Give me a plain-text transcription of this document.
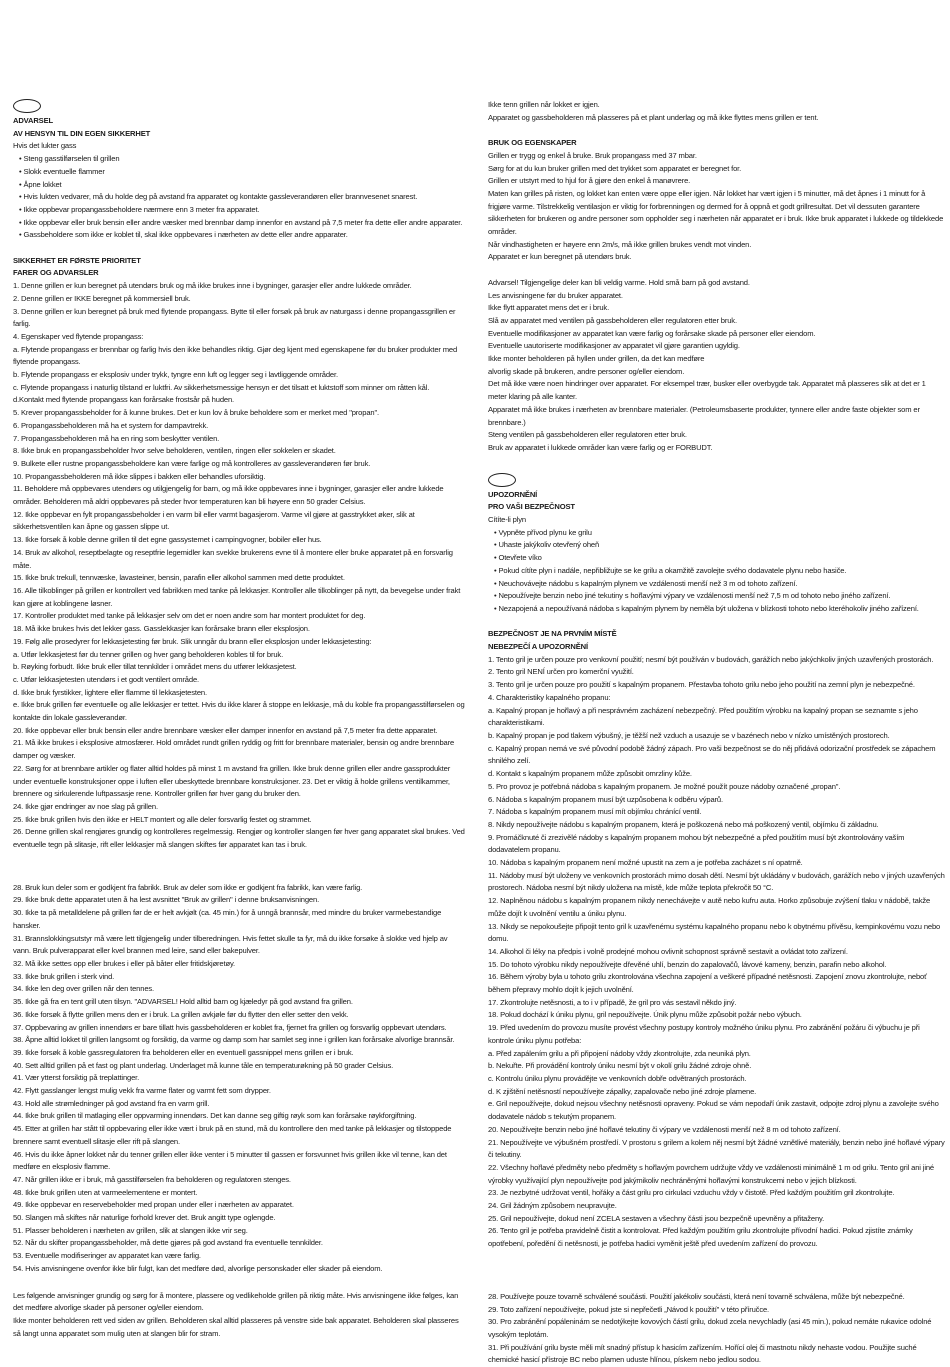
ADVARSEL

AV HENSYN TIL DIN EGEN SIKKERHET

Hvis det lukter gass

• Steng gasstilførselen til grillen

• Slokk eventuelle flammer

• Åpne lokket

• Hvis lukten vedvarer, må du holde deg på avstand fra apparatet og kontakte gassleverandøren eller brannvesenet snarest.

• Ikke oppbevar propangassbeholdere nærmere enn 3 meter fra apparatet.

• Ikke oppbevar eller bruk bensin eller andre væsker med brennbar damp innenfor en avstand på 7,5 meter fra dette eller andre apparater.

• Gassbeholdere som ikke er koblet til, skal ikke oppbevares i nærheten av dette eller andre apparater.

SIKKERHET ER FØRSTE PRIORITET

FARER OG ADVARSLER

1. Denne grillen er kun beregnet på utendørs bruk og må ikke brukes inne i bygninger, garasjer eller andre lukkede områder.

2. Denne grillen er IKKE beregnet på kommersiell bruk.

3. Denne grillen er kun beregnet på bruk med flytende propangass. Bytte til eller forsøk på bruk av naturgass i denne propangassgrillen er farlig.

4. Egenskaper ved flytende propangass:

a. Flytende propangass er brennbar og farlig hvis den ikke behandles riktig. Gjør deg kjent med egenskapene før du bruker produkter med flytende propangass.

b. Flytende propangass er eksplosiv under trykk, tyngre enn luft og legger seg i lavtliggende områder.

c. Flytende propangass i naturlig tilstand er luktfri. Av sikkerhetsmessige hensyn er det tilsatt et luktstoff som minner om råtten kål.

d.Kontakt med flytende propangass kan forårsake frostsår på huden.

5. Krever propangassbeholder for å kunne brukes. Det er kun lov å bruke beholdere som er merket med "propan".

6. Propangassbeholderen må ha et system for dampavtrekk.

7. Propangassbeholderen må ha en ring som beskytter ventilen.

8. Ikke bruk en propangassbeholder hvor selve beholderen, ventilen, ringen eller sokkelen er skadet.

9. Bulkete eller rustne propangassbeholdere kan være farlige og må kontrolleres av gassleverandøren før bruk.

10. Propangassbeholderen må ikke slippes i bakken eller behandles uforsiktig.

11. Beholdere må oppbevares utendørs og utilgjengelig for barn, og må ikke oppbevares inne i bygninger, garasjer eller andre lukkede områder. Beholderen må aldri oppbevares på steder hvor temperaturen kan bli høyere enn 50 grader Celsius.

12. Ikke oppbevar en fylt propangassbeholder i en varm bil eller varmt bagasjerom. Varme vil gjøre at gasstrykket øker, slik at sikkerhetsventilen kan åpne og gassen slippe ut.

13. Ikke forsøk å koble denne grillen til det egne gassystemet i campingvogner, bobiler eller hus.

14. Bruk av alkohol, reseptbelagte og reseptfrie legemidler kan svekke brukerens evne til å montere eller bruke apparatet på en forsvarlig måte.

15. Ikke bruk trekull, tennvæske, lavasteiner, bensin, parafin eller alkohol sammen med dette produktet.

16. Alle tilkoblinger på grillen er kontrollert ved fabrikken med tanke på lekkasjer. Kontroller alle tilkoblinger på nytt, da bevegelse under frakt kan gjøre at koblingene løsner.

17. Kontroller produktet med tanke på lekkasjer selv om det er noen andre som har montert produktet for deg.

18. Må ikke brukes hvis det lekker gass. Gasslekkasjer kan forårsake brann eller eksplosjon.

19. Følg alle prosedyrer for lekkasjetesting før bruk. Slik unngår du brann eller eksplosjon under lekkasjetesting:

a. Utfør lekkasjetest før du tenner grillen og hver gang beholderen kobles til for bruk.

b. Røyking forbudt. Ikke bruk eller tillat tennkilder i området mens du utfører lekkasjetest.

c. Utfør lekkasjetesten utendørs i et godt ventilert område.

d. Ikke bruk fyrstikker, lightere eller flamme til lekkasjetesten.

e. Ikke bruk grillen før eventuelle og alle lekkasjer er tettet. Hvis du ikke klarer å stoppe en lekkasje, må du koble fra propangasstilførselen og kontakte din lokale gassleverandør.

20. Ikke oppbevar eller bruk bensin eller andre brennbare væsker eller damper innenfor en avstand på 7,5 meter fra dette apparatet.

21. Må ikke brukes i eksplosive atmosfærer. Hold området rundt grillen ryddig og fritt for brennbare materialer, bensin og andre brennbare damper og væsker.

22. Sørg for at brennbare artikler og flater alltid holdes på minst 1 m avstand fra grillen. Ikke bruk denne grillen eller andre gassprodukter under eventuelle konstruksjoner oppe i luften eller ubeskyttede brennbare konstruksjoner. 23. Det er viktig å holde grillens ventilkammer, brennere og sirkulerende luftpassasje rene. Kontroller grillen før hver gang du bruker den.

24. Ikke gjør endringer av noe slag på grillen.

25. Ikke bruk grillen hvis den ikke er HELT montert og alle deler forsvarlig festet og strammet.

26. Denne grillen skal rengjøres grundig og kontrolleres regelmessig. Rengjør og kontroller slangen før hver gang apparatet skal brukes. Ved eventuelle tegn på slitasje, rift eller lekkasjer må slangen skiftes før apparatet kan tas i bruk.

28. Bruk kun deler som er godkjent fra fabrikk. Bruk av deler som ikke er godkjent fra fabrikk, kan være farlig.

29. Ikke bruk dette apparatet uten å ha lest avsnittet "Bruk av grillen" i denne bruksanvisningen.

30. Ikke ta på metalldelene på grillen før de er helt avkjølt (ca. 45 min.) for å unngå brannsår, med mindre du bruker varmebestandige hansker.

31. Brannslokkingsutstyr må være lett tilgjengelig under tilberedningen. Hvis fettet skulle ta fyr, må du ikke forsøke å slokke ved hjelp av vann. Bruk pulverapparat eller kvel brannen med leire, sand eller bakepulver.

32. Må ikke settes opp eller brukes i eller på båter eller fritidskjøretøy.

33. Ikke bruk grillen i sterk vind.

34. Ikke len deg over grillen når den tennes.

35. Ikke gå fra en tent grill uten tilsyn. "ADVARSEL! Hold alltid barn og kjæledyr på god avstand fra grillen.

36. Ikke forsøk å flytte grillen mens den er i bruk. La grillen avkjøle før du flytter den eller setter den vekk.

37. Oppbevaring av grillen innendørs er bare tillatt hvis gassbeholderen er koblet fra, fjernet fra grillen og forsvarlig oppbevart utendørs.

38. Åpne alltid lokket til grillen langsomt og forsiktig, da varme og damp som har samlet seg inne i grillen kan forårsake alvorlige brannsår.

39. Ikke forsøk å koble gassregulatoren fra beholderen eller en eventuell gassnippel mens grillen er i bruk.

40. Sett alltid grillen på et fast og plant underlag. Underlaget må kunne tåle en temperaturøkning på 50 grader Celsius.

41. Vær ytterst forsiktig på treplattinger.

42. Flytt gasslanger lengst mulig vekk fra varme flater og varmt fett som drypper.

43. Hold alle strømledninger på god avstand fra en varm grill.

44. Ikke bruk grillen til matlaging eller oppvarming innendørs. Det kan danne seg giftig røyk som kan forårsake røykforgiftning.

45. Etter at grillen har stått til oppbevaring eller ikke vært i bruk på en stund, må du kontrollere den med tanke på lekkasjer og tilstoppede brennere samt eventuell slitasje eller rift på slangen.

46. Hvis du ikke åpner lokket når du tenner grillen eller ikke venter i 5 minutter til gassen er forsvunnet hvis grillen ikke vil tenne, kan det medføre en eksplosiv flamme.

47. Når grillen ikke er i bruk, må gasstilførselen fra beholderen og regulatoren stenges.

48. Ikke bruk grillen uten at varmeelementene er montert.

49. Ikke oppbevar en reservebeholder med propan under eller i nærheten av apparatet.

50. Slangen må skiftes når naturlige forhold krever det. Bruk angitt type oglengde.

51. Plasser beholderen i nærheten av grillen, slik at slangen ikke vrir seg.

52. Når du skifter propangassbeholder, må dette gjøres på god avstand fra eventuelle tennkilder.

53. Eventuelle modifiseringer av apparatet kan være farlig.

54. Hvis anvisningene ovenfor ikke blir fulgt, kan det medføre død, alvorlige personskader eller skader på eiendom.

Les følgende anvisninger grundig og sørg for å montere, plassere og vedlikeholde grillen på riktig måte. Hvis anvisningene ikke følges, kan det medføre alvorlige skader på personer og/eller eiendom.

Ikke monter beholderen rett ved siden av grillen. Beholderen skal alltid plasseres på venstre side bak apparatet. Beholderen skal plasseres så langt unna apparatet som mulig uten at slangen blir for stram.

Ikke tenn grillen når lokket er igjen.

Apparatet og gassbeholderen må plasseres på et plant underlag og må ikke flyttes mens grillen er tent.

BRUK OG EGENSKAPER

Grillen er trygg og enkel å bruke. Bruk propangass med 37 mbar.

Sørg for at du kun bruker grillen med det trykket som apparatet er beregnet for.

Grillen er utstyrt med to hjul for å gjøre den enkel å manøvrere.

Maten kan grilles på risten, og lokket kan enten være oppe eller igjen. Når lokket har vært igjen i 5 minutter, må det åpnes i 1 minutt for å frigjøre varme. Tilstrekkelig ventilasjon er viktig for forbrenningen og dermed for å oppnå et godt grillresultat. Det vil dessuten garantere sikkerheten for brukeren og andre personer som oppholder seg i nærheten når apparatet er i bruk. Ikke bruk apparatet i lukkede og tildekkede områder.

Når vindhastigheten er høyere enn 2m/s, må ikke grillen brukes vendt mot vinden.

Apparatet er kun beregnet på utendørs bruk.

Advarsel! Tilgjengelige deler kan bli veldig varme. Hold små barn på god avstand.

Les anvisningene før du bruker apparatet.

Ikke flytt apparatet mens det er i bruk.

Slå av apparatet med ventilen på gassbeholderen eller regulatoren etter bruk.

Eventuelle modifikasjoner av apparatet kan være farlig og forårsake skade på personer eller eiendom.

Eventuelle uautoriserte modifikasjoner av apparatet vil gjøre garantien ugyldig.

Ikke monter beholderen på hyllen under grillen, da det kan medføre

alvorlig skade på brukeren, andre personer og/eller eiendom.

Det må ikke være noen hindringer over apparatet. For eksempel trær, busker eller overbygde tak. Apparatet må plasseres slik at det er 1 meter klaring på alle kanter.

Apparatet må ikke brukes i nærheten av brennbare materialer. (Petroleumsbaserte produkter, tynnere eller andre faste objekter som er brennbare.)

Steng ventilen på gassbeholderen eller regulatoren etter bruk.

Bruk av apparatet i lukkede områder kan være farlig og er FORBUDT.

UPOZORNĚNÍ

PRO VAŠI BEZPEČNOST

Cítíte-li plyn

• Vypněte přívod plynu ke grilu

• Uhaste jakýkoliv otevřený oheň

• Otevřete víko

• Pokud cítíte plyn i nadále, nepřibližujte se ke grilu a okamžitě zavolejte svého dodavatele plynu nebo hasiče.

• Neuchovávejte nádobu s kapalným plynem ve vzdálenosti menší než 3 m od tohoto zařízení.

• Nepoužívejte benzin nebo jiné tekutiny s hořlavými výpary ve vzdálenosti menší než 7,5 m od tohoto nebo jiného zařízení.

• Nezapojená a nepoužívaná nádoba s kapalným plynem by neměla být uložena v blízkosti tohoto nebo kteréhokoliv jiného zařízení.

BEZPEČNOST JE NA PRVNÍM MÍSTĚ

NEBEZPEČÍ A UPOZORNĚNÍ

1. Tento gril je určen pouze pro venkovní použití; nesmí být používán v budovách, garážích nebo jakýchkoliv jiných uzavřených prostorách.

2. Tento gril NENÍ určen pro komerční využití.

3. Tento gril je určen pouze pro použití s kapalným propanem. Přestavba tohoto grilu nebo jeho použití na zemní plyn je nebezpečné.

4. Charakteristiky kapalného propanu:

a. Kapalný propan je hořlavý a při nesprávném zacházení nebezpečný. Před použitím výrobku na kapalný propan se seznamte s jeho charakteristikami.

b. Kapalný propan je pod tlakem výbušný, je těžší než vzduch a usazuje se v bazénech nebo v nízko umístěných prostorech.

c. Kapalný propan nemá ve své původní podobě žádný zápach. Pro vaši bezpečnost se do něj přidává odorizační prostředek se zápachem shnilého zelí.

d. Kontakt s kapalným propanem může způsobit omrzliny kůže.

5. Pro provoz je potřebná nádoba s kapalným propanem. Je možné použít pouze nádoby označené „propan".

6. Nádoba s kapalným propanem musí být uzpůsobena k odběru výparů.

7. Nádoba s kapalným propanem musí mít objímku chránící ventil.

8. Nikdy nepoužívejte nádobu s kapalným propanem, která je poškozená nebo má poškozený ventil, objímku či základnu.

9. Promáčknuté či zrezivělé nádoby s kapalným propanem mohou být nebezpečné a před použitím musí být zkontrolovány vaším dodavatelem propanu.

10. Nádoba s kapalným propanem není možné upustit na zem a je potřeba zacházet s ní opatrně.

11. Nádoby musí být uloženy ve venkovních prostorách mimo dosah dětí. Nesmí být ukládány v budovách, garážích nebo v jiných uzavřených prostorech. Nádoba nesmí být nikdy uložena na místě, kde může teplota překročit 50 °C.

12. Naplněnou nádobu s kapalným propanem nikdy nenechávejte v autě nebo kufru auta. Horko způsobuje zvýšení tlaku v nádobě, takže může dojít k uvolnění ventilu a úniku plynu.

13. Nikdy se nepokoušejte připojit tento gril k uzavřenému systému kapalného propanu nebo k obytnému přívěsu, kempinkovému vozu nebo domu.

14. Alkohol či léky na předpis i volně prodejné mohou ovlivnit schopnost správně sestavit a ovládat toto zařízení.

15. Do tohoto výrobku nikdy nepoužívejte dřevěné uhlí, benzin do zapalovačů, lávové kameny, benzin, parafin nebo alkohol.

16. Během výroby byla u tohoto grilu zkontrolována všechna zapojení a veškeré případné netěsnosti. Zapojení znovu zkontrolujte, neboť během přepravy mohlo dojít k jejich uvolnění.

17. Zkontrolujte netěsnosti, a to i v případě, že gril pro vás sestavil někdo jiný.

18. Pokud dochází k úniku plynu, gril nepoužívejte. Únik plynu může způsobit požár nebo výbuch.

19. Před uvedením do provozu musíte provést všechny postupy kontroly možného úniku plynu. Pro zabránění požáru či výbuchu je při kontrole úniku plynu potřeba:

a. Před zapálením grilu a při připojení nádoby vždy zkontrolujte, zda neuniká plyn.

b. Nekuřte. Při provádění kontroly úniku nesmí být v okolí grilu žádné zdroje ohně.

c. Kontrolu úniku plynu provádějte ve venkovních dobře odvětraných prostorách.

d. K zjištění netěsností nepoužívejte zápalky, zapalovače nebo jiné zdroje plamene.

e. Gril nepoužívejte, dokud nejsou všechny netěsnosti opraveny. Pokud se vám nepodaří únik zastavit, odpojte zdroj plynu a zavolejte svého dodavatele nádob s tekutým propanem.

20. Nepoužívejte benzin nebo jiné hořlavé tekutiny či výpary ve vzdálenosti menší než 8 m od tohoto zařízení.

21. Nepoužívejte ve výbušném prostředí. V prostoru s grilem a kolem něj nesmí být žádné vznětlivé materiály, benzin nebo jiné hořlavé výpary či tekutiny.

22. Všechny hořlavé předměty nebo předměty s hořlavým povrchem udržujte vždy ve vzdálenosti minimálně 1 m od grilu. Tento gril ani jiné výrobky využívající plyn nepoužívejte pod jakýmikoliv nechráněnými hořlavými konstrukcemi nebo v jejich blízkosti.

23. Je nezbytné udržovat ventil, hořáky a část grilu pro cirkulaci vzduchu vždy v čistotě. Před každým použitím gril zkontrolujte.

24. Gril žádným způsobem neupravujte.

25. Gril nepoužívejte, dokud není ZCELA sestaven a všechny části jsou bezpečně upevněny a přitaženy.

26. Tento gril je potřeba pravidelně čistit a kontrolovat. Před každým použitím grilu zkontrolujte přívodní hadici. Pokud zjistíte známky opotřebení, poředění či netěsnosti, je potřeba hadici vyměnit ještě před uvedením zařízení do provozu.

28. Používejte pouze tovarně schválené součásti. Použití jakékoliv součásti, která není tovarně schválena, může být nebezpečné.

29. Toto zařízení nepoužívejte, pokud jste si nepřečetli „Návod k použití" v této příručce.

30. Pro zabránění popáleninám se nedotýkejte kovových částí grilu, dokud zcela nevychladly (asi 45 min.), pokud nemáte rukavice odolné vysokým teplotám.

31. Při používání grilu byste měli mít snadný přístup k hasicím zařízením. Hořící olej či mastnotu nikdy nehaste vodou. Použijte suché chemické hasicí přístroje BC nebo plamen uduste hlínou, pískem nebo jedlou sodou.
